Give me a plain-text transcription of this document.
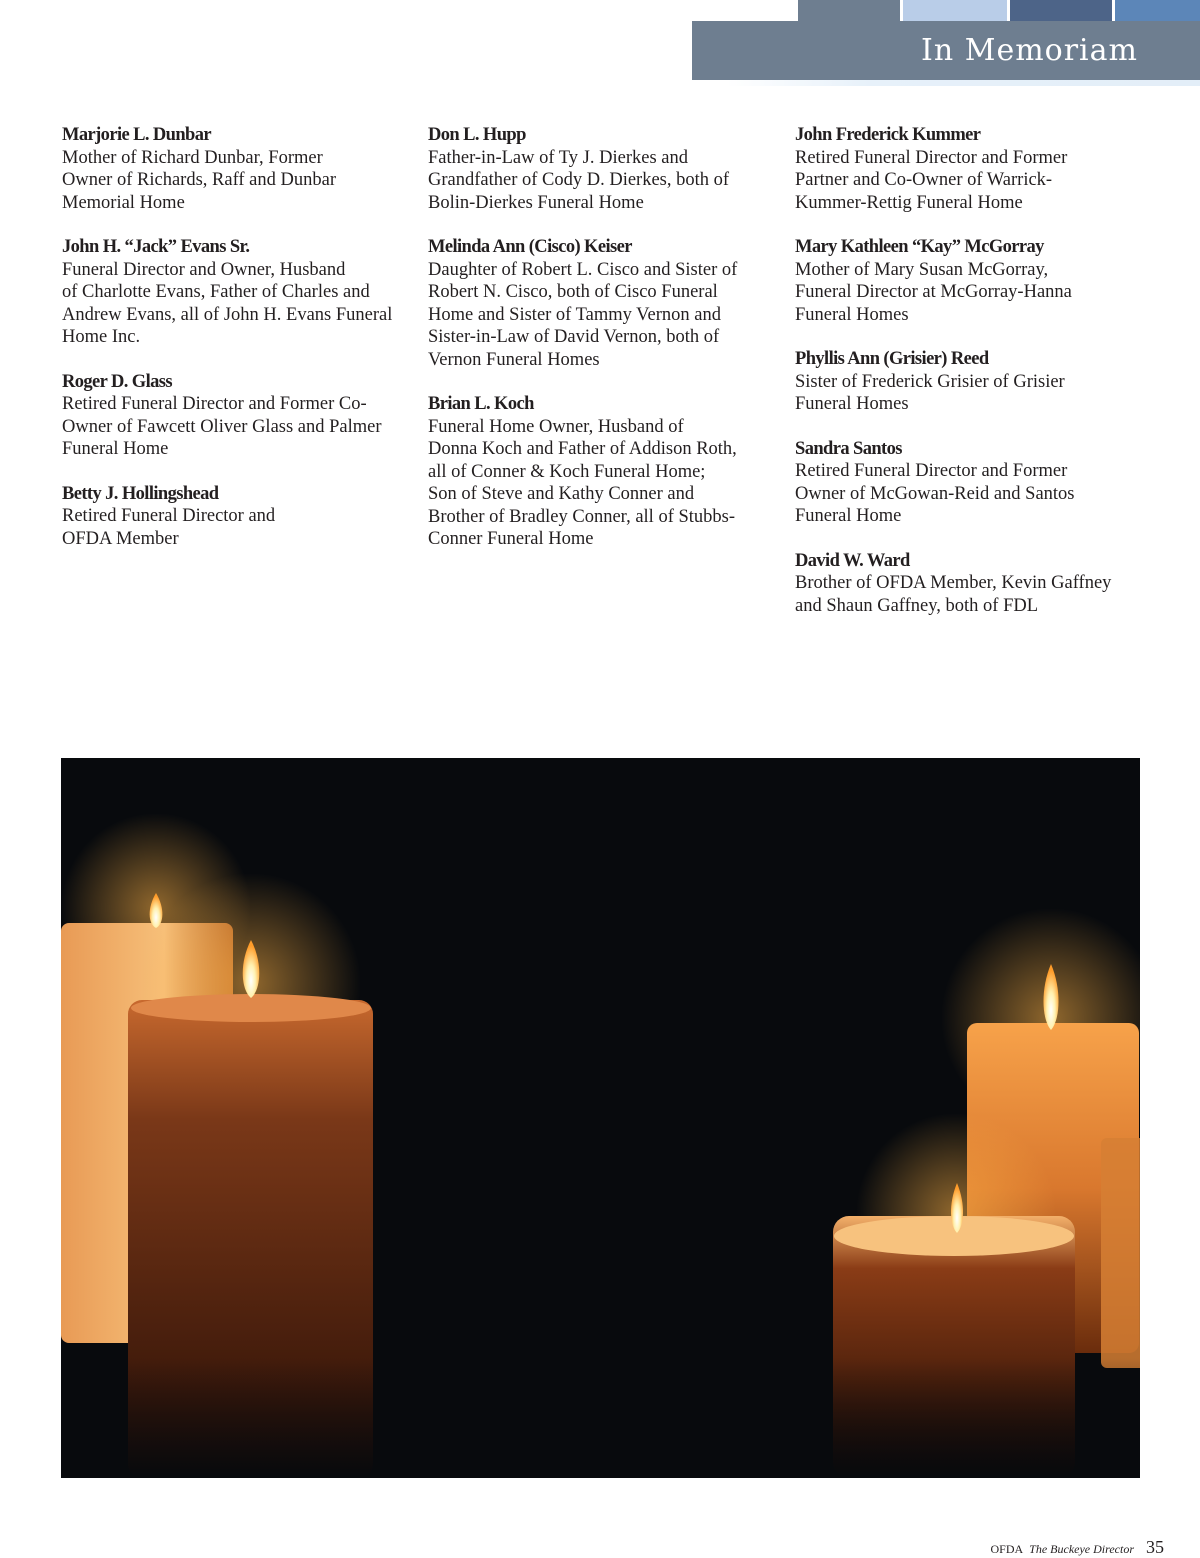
In Memoriam
Marjorie L. Dunbar
Mother of Richard Dunbar, Former
Owner of Richards, Raff and Dunbar
Memorial Home
John H. “Jack” Evans Sr.
Funeral Director and Owner, Husband
of Charlotte Evans, Father of Charles and
Andrew Evans, all of John H. Evans Funeral
Home Inc.
Roger D. Glass
Retired Funeral Director and Former Co-
Owner of Fawcett Oliver Glass and Palmer
Funeral Home
Betty J. Hollingshead
Retired Funeral Director and
OFDA Member
Don L. Hupp
Father-in-Law of Ty J. Dierkes and
Grandfather of Cody D. Dierkes, both of
Bolin-Dierkes Funeral Home
Melinda Ann (Cisco) Keiser
Daughter of Robert L. Cisco and Sister of
Robert N. Cisco, both of Cisco Funeral
Home and Sister of Tammy Vernon and
Sister-in-Law of David Vernon, both of
Vernon Funeral Homes
Brian L. Koch
Funeral Home Owner, Husband of
Donna Koch and Father of Addison Roth,
all of Conner & Koch Funeral Home;
Son of Steve and Kathy Conner and
Brother of Bradley Conner, all of Stubbs-
Conner Funeral Home
John Frederick Kummer
Retired Funeral Director and Former
Partner and Co-Owner of Warrick-
Kummer-Rettig Funeral Home
Mary Kathleen “Kay” McGorray
Mother of Mary Susan McGorray,
Funeral Director at McGorray-Hanna
Funeral Homes
Phyllis Ann (Grisier) Reed
Sister of Frederick Grisier of Grisier
Funeral Homes
Sandra Santos
Retired Funeral Director and Former
Owner of McGowan-Reid and Santos
Funeral Home
David W. Ward
Brother of OFDA Member, Kevin Gaffney
and Shaun Gaffney, both of FDL
OFDA The Buckeye Director 35
